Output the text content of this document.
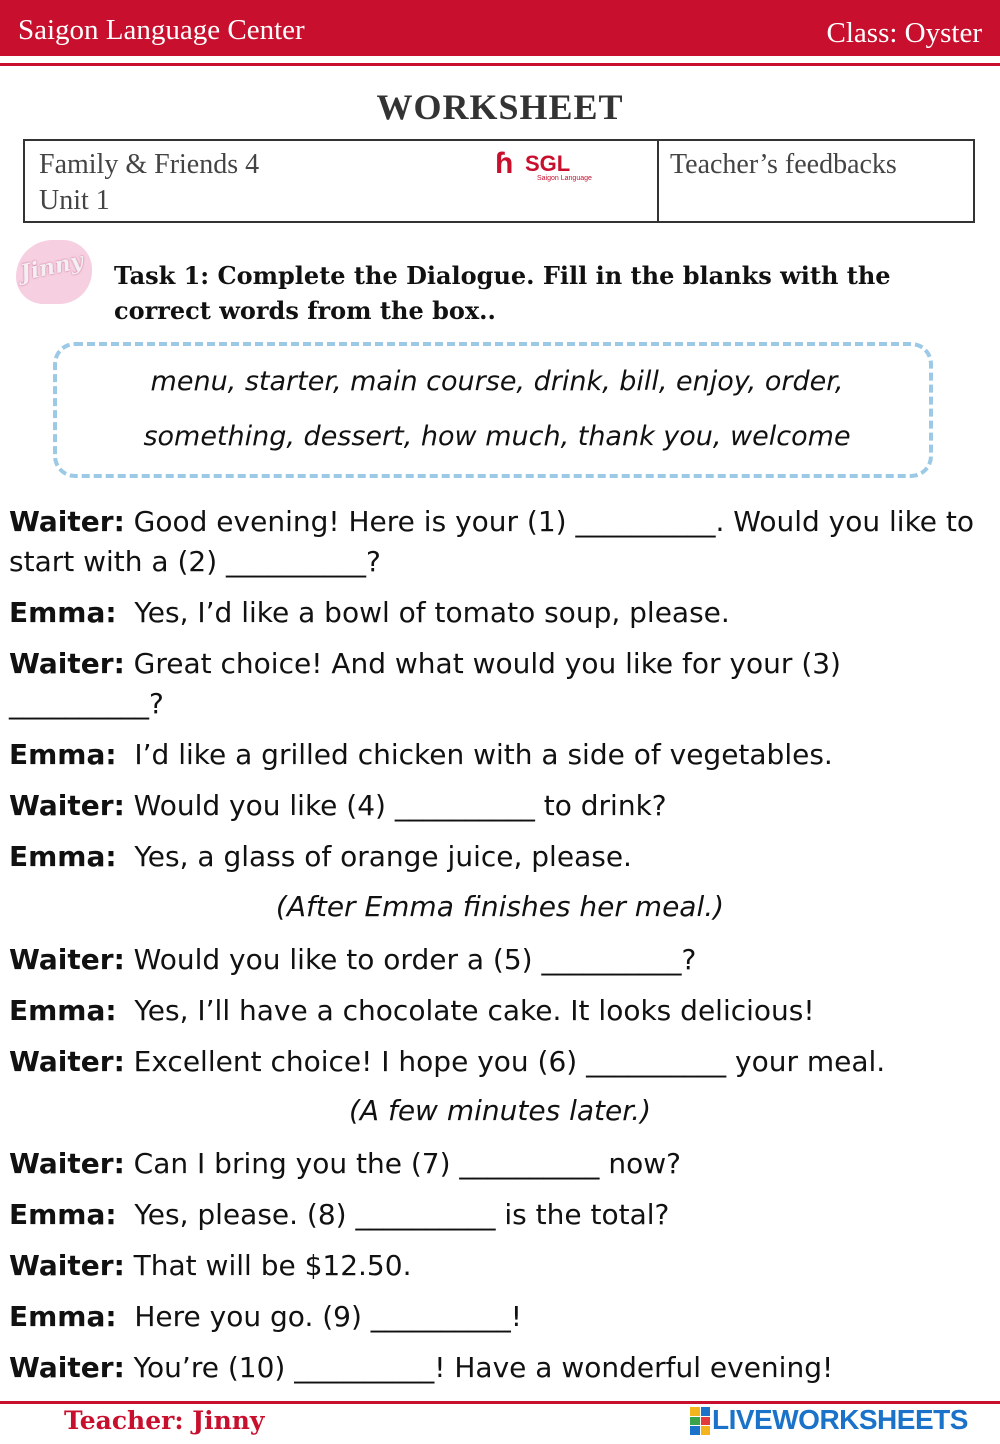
Saigon Language Center	Class: Oyster
WORKSHEET
Family & Friends 4
Unit 1
ɦ SGL
Saigon Language	Teacher’s feedbacks
Jinny Task 1: Complete the Dialogue. Fill in the blanks with the correct words from the box..
menu, starter, main course, drink, bill, enjoy, order,
something, dessert, how much, thank you, welcome
Waiter: Good evening! Here is your (1) __________. Would you like to start with a (2) __________?
Emma:  Yes, I’d like a bowl of tomato soup, please.
Waiter: Great choice! And what would you like for your (3) __________?
Emma:  I’d like a grilled chicken with a side of vegetables.
Waiter: Would you like (4) __________ to drink?
Emma:  Yes, a glass of orange juice, please.
(After Emma finishes her meal.)
Waiter: Would you like to order a (5) __________?
Emma:  Yes, I’ll have a chocolate cake. It looks delicious!
Waiter: Excellent choice! I hope you (6) __________ your meal.
(A few minutes later.)
Waiter: Can I bring you the (7) __________ now?
Emma:  Yes, please. (8) __________ is the total?
Waiter: That will be $12.50.
Emma:  Here you go. (9) __________!
Waiter: You’re (10) __________! Have a wonderful evening!
Teacher: Jinny	LIVEWORKSHEETS
